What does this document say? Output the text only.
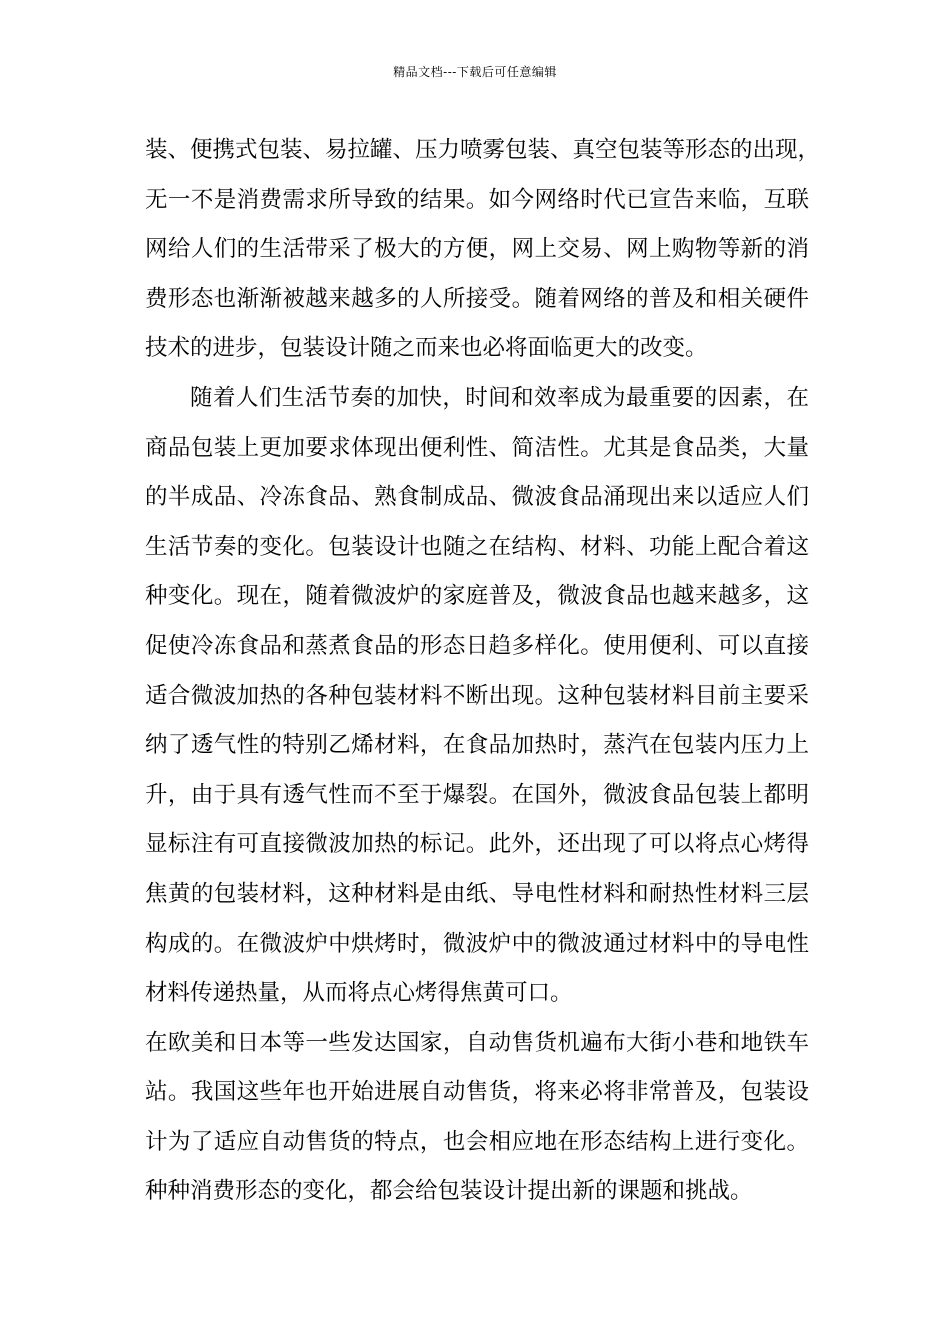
精品文档---下载后可任意编辑

装、便携式包装、易拉罐、压力喷雾包装、真空包装等形态的出现，
无一不是消费需求所导致的结果。如今网络时代已宣告来临，互联
网给人们的生活带采了极大的方便，网上交易、网上购物等新的消
费形态也渐渐被越来越多的人所接受。随着网络的普及和相关硬件
技术的进步，包装设计随之而来也必将面临更大的改变。

随着人们生活节奏的加快，时间和效率成为最重要的因素，在
商品包装上更加要求体现出便利性、简洁性。尤其是食品类，大量
的半成品、冷冻食品、熟食制成品、微波食品涌现出来以适应人们
生活节奏的变化。包装设计也随之在结构、材料、功能上配合着这
种变化。现在，随着微波炉的家庭普及，微波食品也越来越多，这
促使冷冻食品和蒸煮食品的形态日趋多样化。使用便利、可以直接
适合微波加热的各种包装材料不断出现。这种包装材料目前主要采
纳了透气性的特别乙烯材料，在食品加热时，蒸汽在包装内压力上
升，由于具有透气性而不至于爆裂。在国外，微波食品包装上都明
显标注有可直接微波加热的标记。此外，还出现了可以将点心烤得
焦黄的包装材料，这种材料是由纸、导电性材料和耐热性材料三层
构成的。在微波炉中烘烤时，微波炉中的微波通过材料中的导电性
材料传递热量，从而将点心烤得焦黄可口。

在欧美和日本等一些发达国家，自动售货机遍布大街小巷和地铁车
站。我国这些年也开始进展自动售货，将来必将非常普及，包装设
计为了适应自动售货的特点，也会相应地在形态结构上进行变化。
种种消费形态的变化，都会给包装设计提出新的课题和挑战。
